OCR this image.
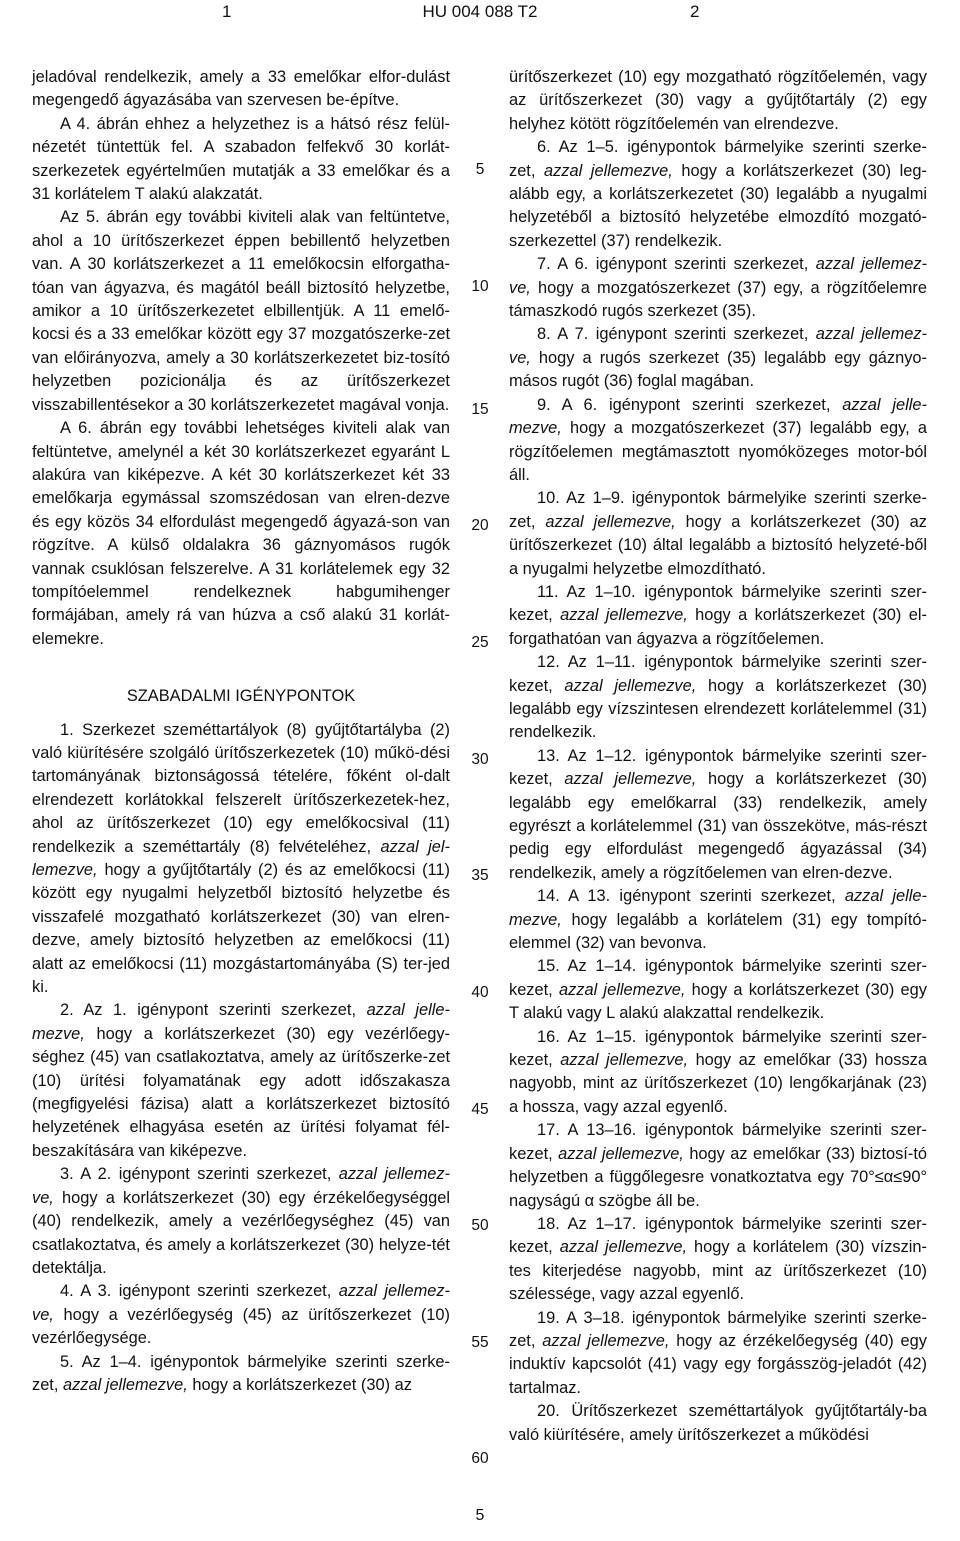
1	HU 004 088 T2	2

jeladóval rendelkezik, amely a 33 emelőkar elfor-dulást megengedő ágyazásába van szervesen be-építve.

A 4. ábrán ehhez a helyzethez is a hátsó rész felül-nézetét tüntettük fel. A szabadon felfekvő 30 korlát-szerkezetek egyértelműen mutatják a 33 emelőkar és a 31 korlátelem T alakú alakzatát.

Az 5. ábrán egy további kiviteli alak van feltüntetve, ahol a 10 ürítőszerkezet éppen bebillentő helyzetben van. A 30 korlátszerkezet a 11 emelőkocsin elforgatha-tóan van ágyazva, és magától beáll biztosító helyzetbe, amikor a 10 ürítőszerkezetet elbillentjük. A 11 emelő-kocsi és a 33 emelőkar között egy 37 mozgatószerke-zet van előirányozva, amely a 30 korlátszerkezetet biz-tosító helyzetben pozicionálja és az ürítőszerkezet visszabillentésekor a 30 korlátszerkezetet magával vonja.

A 6. ábrán egy további lehetséges kiviteli alak van feltüntetve, amelynél a két 30 korlátszerkezet egyaránt L alakúra van kiképezve. A két 30 korlátszerkezet két 33 emelőkarja egymással szomszédosan van elren-dezve és egy közös 34 elfordulást megengedő ágyazá-son van rögzítve. A külső oldalakra 36 gáznyomásos rugók vannak csuklósan felszerelve. A 31 korlátelemek egy 32 tompítóelemmel rendelkeznek habgumihenger formájában, amely rá van húzva a cső alakú 31 korlát-elemekre.

SZABADALMI IGÉNYPONTOK

1. Szerkezet szeméttartályok (8) gyűjtőtartályba (2) való kiürítésére szolgáló ürítőszerkezetek (10) műkö-dési tartományának biztonságossá tételére, főként ol-dalt elrendezett korlátokkal felszerelt ürítőszerkezetek-hez, ahol az ürítőszerkezet (10) egy emelőkocsival (11) rendelkezik a szeméttartály (8) felvételéhez, azzal jel-lemezve, hogy a gyűjtőtartály (2) és az emelőkocsi (11) között egy nyugalmi helyzetből biztosító helyzetbe és visszafelé mozgatható korlátszerkezet (30) van elren-dezve, amely biztosító helyzetben az emelőkocsi (11) alatt az emelőkocsi (11) mozgástartományába (S) ter-jed ki.

2. Az 1. igénypont szerinti szerkezet, azzal jelle-mezve, hogy a korlátszerkezet (30) egy vezérlőegy-séghez (45) van csatlakoztatva, amely az ürítőszerke-zet (10) ürítési folyamatának egy adott időszakasza (megfigyelési fázisa) alatt a korlátszerkezet biztosító helyzetének elhagyása esetén az ürítési folyamat fél-beszakítására van kiképezve.

3. A 2. igénypont szerinti szerkezet, azzal jellemez-ve, hogy a korlátszerkezet (30) egy érzékelőegységgel (40) rendelkezik, amely a vezérlőegységhez (45) van csatlakoztatva, és amely a korlátszerkezet (30) helyze-tét detektálja.

4. A 3. igénypont szerinti szerkezet, azzal jellemez-ve, hogy a vezérlőegység (45) az ürítőszerkezet (10) vezérlőegysége.

5. Az 1–4. igénypontok bármelyike szerinti szerke-zet, azzal jellemezve, hogy a korlátszerkezet (30) az

5
10
15
20
25
30
35
40
45
50
55
60

ürítőszerkezet (10) egy mozgatható rögzítőelemén, vagy az ürítőszerkezet (30) vagy a gyűjtőtartály (2) egy helyhez kötött rögzítőelemén van elrendezve.

6. Az 1–5. igénypontok bármelyike szerinti szerke-zet, azzal jellemezve, hogy a korlátszerkezet (30) leg-alább egy, a korlátszerkezetet (30) legalább a nyugalmi helyzetéből a biztosító helyzetébe elmozdító mozgató-szerkezettel (37) rendelkezik.

7. A 6. igénypont szerinti szerkezet, azzal jellemez-ve, hogy a mozgatószerkezet (37) egy, a rögzítőelemre támaszkodó rugós szerkezet (35).

8. A 7. igénypont szerinti szerkezet, azzal jellemez-ve, hogy a rugós szerkezet (35) legalább egy gáznyo-másos rugót (36) foglal magában.

9. A 6. igénypont szerinti szerkezet, azzal jelle-mezve, hogy a mozgatószerkezet (37) legalább egy, a rögzítőelemen megtámasztott nyomóközeges motor-ból áll.

10. Az 1–9. igénypontok bármelyike szerinti szerke-zet, azzal jellemezve, hogy a korlátszerkezet (30) az ürítőszerkezet (10) által legalább a biztosító helyzeté-ből a nyugalmi helyzetbe elmozdítható.

11. Az 1–10. igénypontok bármelyike szerinti szer-kezet, azzal jellemezve, hogy a korlátszerkezet (30) el-forgathatóan van ágyazva a rögzítőelemen.

12. Az 1–11. igénypontok bármelyike szerinti szer-kezet, azzal jellemezve, hogy a korlátszerkezet (30) legalább egy vízszintesen elrendezett korlátelemmel (31) rendelkezik.

13. Az 1–12. igénypontok bármelyike szerinti szer-kezet, azzal jellemezve, hogy a korlátszerkezet (30) legalább egy emelőkarral (33) rendelkezik, amely egyrészt a korlátelemmel (31) van összekötve, más-részt pedig egy elfordulást megengedő ágyazással (34) rendelkezik, amely a rögzítőelemen van elren-dezve.

14. A 13. igénypont szerinti szerkezet, azzal jelle-mezve, hogy legalább a korlátelem (31) egy tompító-elemmel (32) van bevonva.

15. Az 1–14. igénypontok bármelyike szerinti szer-kezet, azzal jellemezve, hogy a korlátszerkezet (30) egy T alakú vagy L alakú alakzattal rendelkezik.

16. Az 1–15. igénypontok bármelyike szerinti szer-kezet, azzal jellemezve, hogy az emelőkar (33) hossza nagyobb, mint az ürítőszerkezet (10) lengőkarjának (23) a hossza, vagy azzal egyenlő.

17. A 13–16. igénypontok bármelyike szerinti szer-kezet, azzal jellemezve, hogy az emelőkar (33) biztosí-tó helyzetben a függőlegesre vonatkoztatva egy 70°≤α≤90° nagyságú α szögbe áll be.

18. Az 1–17. igénypontok bármelyike szerinti szer-kezet, azzal jellemezve, hogy a korlátelem (30) vízszin-tes kiterjedése nagyobb, mint az ürítőszerkezet (10) szélessége, vagy azzal egyenlő.

19. A 3–18. igénypontok bármelyike szerinti szerke-zet, azzal jellemezve, hogy az érzékelőegység (40) egy induktív kapcsolót (41) vagy egy forgásszög-jeladót (42) tartalmaz.

20. Ürítőszerkezet szeméttartályok gyűjtőtartály-ba való kiürítésére, amely ürítőszerkezet a működési

5
